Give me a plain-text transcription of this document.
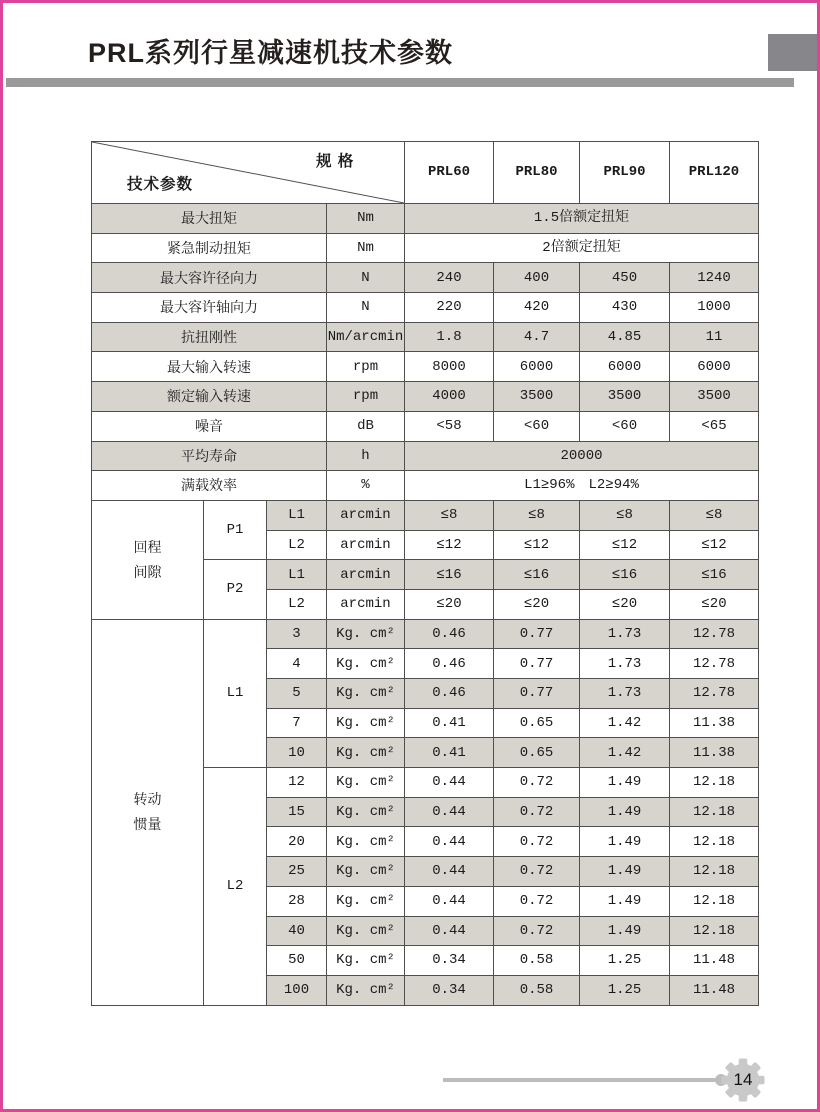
PRL系列行星减速机技术参数
规 格
技术参数				PRL60	PRL80	PRL90	PRL120
最大扭矩			Nm	1.5倍额定扭矩			
紧急制动扭矩			Nm	2倍额定扭矩			
最大容许径向力			N	240	400	450	1240
最大容许轴向力			N	220	420	430	1000
抗扭刚性			Nm/arcmin	1.8	4.7	4.85	11
最大输入转速			rpm	8000	6000	6000	6000
额定输入转速			rpm	4000	3500	3500	3500
噪音			dB	<58	<60	<60	<65
平均寿命			h	20000			
满载效率			%	L1≥96%　L2≥94%			

回程
间隙	P1	L1	arcmin	≤8	≤8	≤8	≤8
		L2	arcmin	≤12	≤12	≤12	≤12
	P2	L1	arcmin	≤16	≤16	≤16	≤16
		L2	arcmin	≤20	≤20	≤20	≤20

转动
惯量	L1	3	Kg. cm²	0.46	0.77	1.73	12.78
		4	Kg. cm²	0.46	0.77	1.73	12.78
		5	Kg. cm²	0.46	0.77	1.73	12.78
		7	Kg. cm²	0.41	0.65	1.42	11.38
		10	Kg. cm²	0.41	0.65	1.42	11.38
	L2	12	Kg. cm²	0.44	0.72	1.49	12.18
		15	Kg. cm²	0.44	0.72	1.49	12.18
		20	Kg. cm²	0.44	0.72	1.49	12.18
		25	Kg. cm²	0.44	0.72	1.49	12.18
		28	Kg. cm²	0.44	0.72	1.49	12.18
		40	Kg. cm²	0.44	0.72	1.49	12.18
		50	Kg. cm²	0.34	0.58	1.25	11.48
		100	Kg. cm²	0.34	0.58	1.25	11.48
14
